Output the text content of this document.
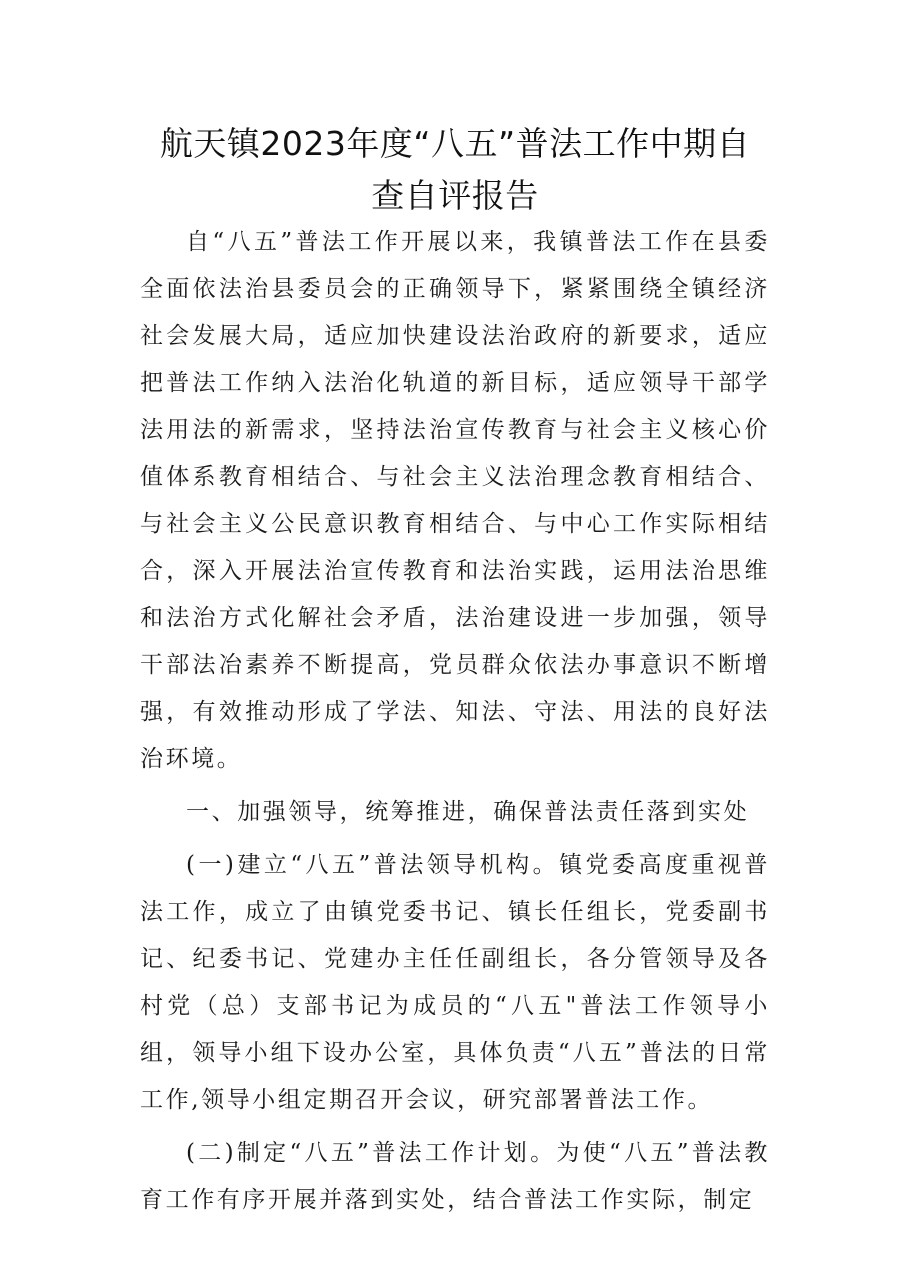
航天镇2023年度“八五”普法工作中期自
查自评报告

自“八五”普法工作开展以来，我镇普法工作在县委全面依法治县委员会的正确领导下，紧紧围绕全镇经济社会发展大局，适应加快建设法治政府的新要求，适应把普法工作纳入法治化轨道的新目标，适应领导干部学法用法的新需求，坚持法治宣传教育与社会主义核心价值体系教育相结合、与社会主义法治理念教育相结合、与社会主义公民意识教育相结合、与中心工作实际相结合，深入开展法治宣传教育和法治实践，运用法治思维和法治方式化解社会矛盾，法治建设进一步加强，领导干部法冶素养不断提高，党员群众依法办事意识不断增强，有效推动形成了学法、知法、守法、用法的良好法治环境。

一、加强领导，统筹推进，确保普法责任落到实处

(一)建立“八五”普法领导机构。镇党委高度重视普法工作，成立了由镇党委书记、镇长任组长，党委副书记、纪委书记、党建办主任任副组长，各分管领导及各村党（总）支部书记为成员的“八五"普法工作领导小组，领导小组下设办公室，具体负责“八五”普法的日常工作,领导小组定期召开会议，研究部署普法工作。

(二)制定“八五”普法工作计划。为使“八五”普法教育工作有序开展并落到实处，结合普法工作实际，制定
